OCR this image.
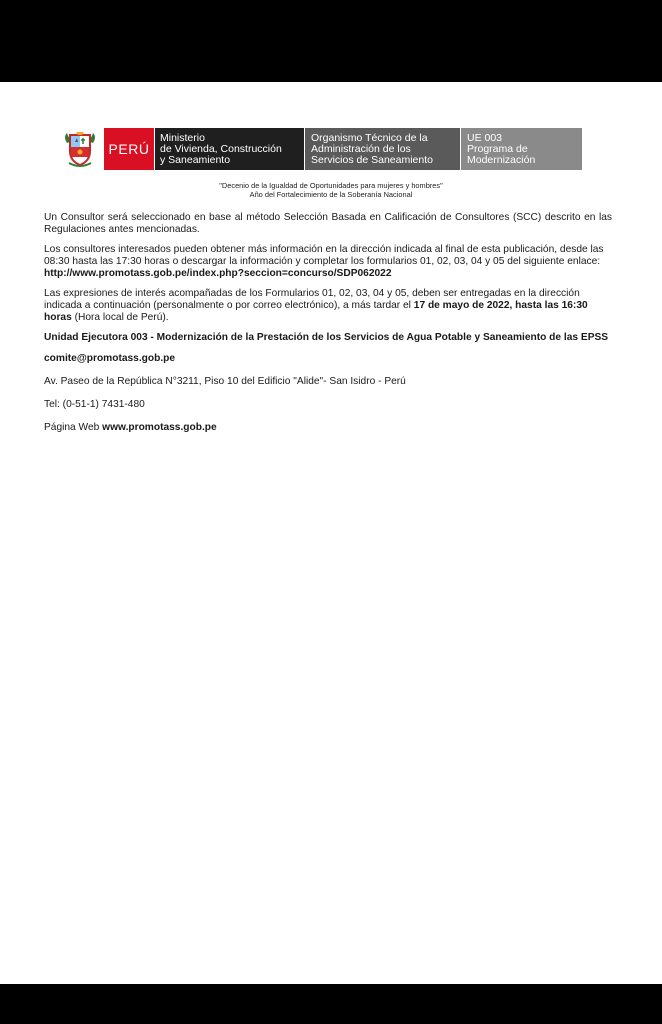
PERÚ
Ministerio
de Vivienda, Construcción
y Saneamiento
Organismo Técnico de la
Administración de los
Servicios de Saneamiento
UE 003
Programa de
Modernización
"Decenio de la Igualdad de Oportunidades para mujeres y hombres"
Año del Fortalecimiento de la Soberanía Nacional

Un Consultor será seleccionado en base al método Selección Basada en Calificación de Consultores (SCC) descrito en las Regulaciones antes mencionadas.

Los consultores interesados pueden obtener más información en la dirección indicada al final de esta publicación, desde las 08:30 hasta las 17:30 horas o descargar la información y completar los formularios 01, 02, 03, 04 y 05 del siguiente enlace: http://www.promotass.gob.pe/index.php?seccion=concurso/SDP062022

Las expresiones de interés acompañadas de los Formularios 01, 02, 03, 04 y 05, deben ser entregadas en la dirección indicada a continuación (personalmente o por correo electrónico), a más tardar el 17 de mayo de 2022, hasta las 16:30 horas (Hora local de Perú).

Unidad Ejecutora 003 - Modernización de la Prestación de los Servicios de Agua Potable y Saneamiento de las EPSS

comite@promotass.gob.pe

Av. Paseo de la República N°3211, Piso 10 del Edificio "Alide"- San Isidro - Perú

Tel: (0-51-1) 7431-480

Página Web www.promotass.gob.pe
